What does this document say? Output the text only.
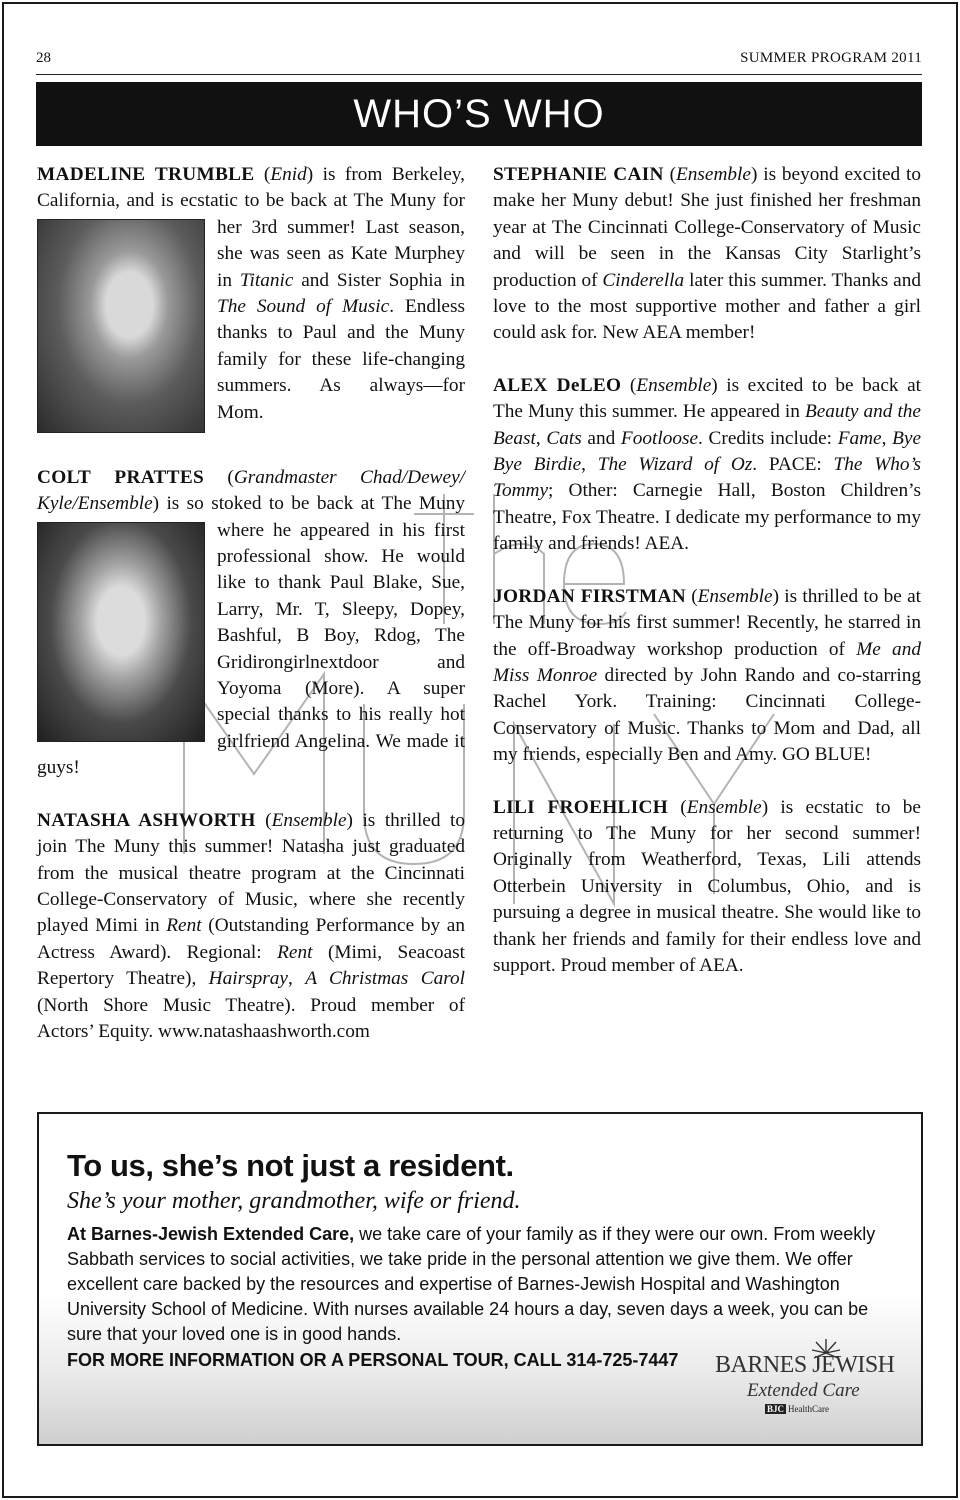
28	SUMMER PROGRAM 2011
WHO’S WHO
MADELINE TRUMBLE (Enid) is from Berkeley, California, and is ecstatic to be back
at The Muny for her 3rd summer! Last season, she was seen as Kate Murphey in Titanic and Sister Sophia in The Sound of Music. Endless thanks to Paul and the Muny family for these life-changing summers. As always—for Mom.
COLT PRATTES (Grandmaster Chad/Dewey/ Kyle/Ensemble) is so stoked to be back at The
Muny where he appeared in his first professional show. He would like to thank Paul Blake, Sue, Larry, Mr. T, Sleepy, Dopey, Bashful, B Boy, Rdog, The Gridirongirlnextdoor and Yoyoma (More). A super special thanks to his really hot girlfriend Angelina. We made it guys!
NATASHA ASHWORTH (Ensemble) is thrilled to join The Muny this summer! Natasha just graduated from the musical theatre program at the Cincinnati College-Conservatory of Music, where she recently played Mimi in Rent (Outstanding Performance by an Actress Award). Regional: Rent (Mimi, Seacoast Repertory Theatre), Hairspray, A Christmas Carol (North Shore Music Theatre). Proud member of Actors’ Equity. www.natashaashworth.com
STEPHANIE CAIN (Ensemble) is beyond excited to make her Muny debut! She just finished her freshman year at The Cincinnati College-Conservatory of Music and will be seen in the Kansas City Starlight’s production of Cinderella later this summer. Thanks and love to the most supportive mother and father a girl could ask for. New AEA member!
ALEX DeLEO (Ensemble) is excited to be back at The Muny this summer. He appeared in Beauty and the Beast, Cats and Footloose. Credits include: Fame, Bye Bye Birdie, The Wizard of Oz. PACE: The Who’s Tommy; Other: Carnegie Hall, Boston Children’s Theatre, Fox Theatre. I dedicate my performance to my family and friends! AEA.
JORDAN FIRSTMAN (Ensemble) is thrilled to be at The Muny for his first summer! Recently, he starred in the off-Broadway workshop production of Me and Miss Monroe directed by John Rando and co-starring Rachel York. Training: Cincinnati College-Conservatory of Music. Thanks to Mom and Dad, all my friends, especially Ben and Amy. GO BLUE!
LILI FROEHLICH (Ensemble) is ecstatic to be returning to The Muny for her second summer! Originally from Weatherford, Texas, Lili attends Otterbein University in Columbus, Ohio, and is pursuing a degree in musical theatre. She would like to thank her friends and family for their endless love and support. Proud member of AEA.
To us, she’s not just a resident.
She’s your mother, grandmother, wife or friend.
At Barnes-Jewish Extended Care, we take care of your family as if they were our own. From weekly Sabbath services to social activities, we take pride in the personal attention we give them. We offer excellent care backed by the resources and expertise of Barnes-Jewish Hospital and Washington University School of Medicine. With nurses available 24 hours a day, seven days a week, you can be sure that your loved one is in good hands.
FOR MORE INFORMATION OR A PERSONAL TOUR, CALL 314-725-7447 BARNES JEWISH
Extended Care
BJC HealthCare
